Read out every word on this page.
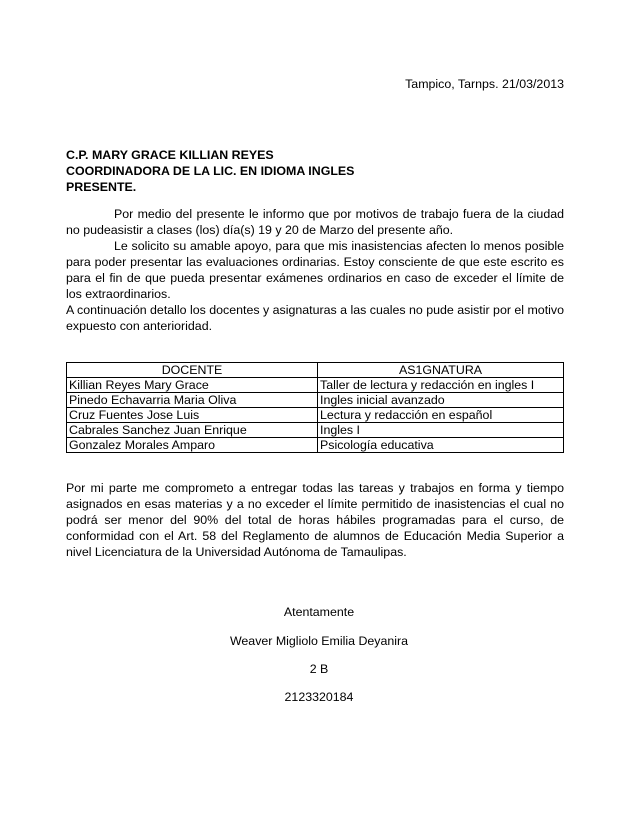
Tampico, Tarnps. 21/03/2013
C.P. MARY GRACE KILLIAN REYES
COORDINADORA DE LA LIC. EN IDIOMA INGLES
PRESENTE.

Por medio del presente le informo que por motivos de trabajo fuera de la ciudad no pudeasistir a clases (los) día(s) 19 y 20 de Marzo del presente año.

Le solicito su amable apoyo, para que mis inasistencias afecten lo menos posible para poder presentar las evaluaciones ordinarias. Estoy consciente de que este escrito es para el fin de que pueda presentar exámenes ordinarios en caso de exceder el límite de los extraordinarios.

A continuación detallo los docentes y asignaturas a las cuales no pude asistir por el motivo expuesto con anterioridad.

DOCENTE	AS1GNATURA
Killian Reyes Mary Grace	Taller de lectura y redacción en ingles I
Pinedo Echavarria Maria Oliva	Ingles inicial avanzado
Cruz Fuentes Jose Luis	Lectura y redacción en español
Cabrales Sanchez Juan Enrique	Ingles I
Gonzalez Morales Amparo	Psicología educativa
Por mi parte me comprometo a entregar todas las tareas y trabajos en forma y tiempo asignados en esas materias y a no exceder el límite permitido de inasistencias el cual no podrá ser menor del 90% del total de horas hábiles programadas para el curso, de conformidad con el Art. 58 del Reglamento de alumnos de Educación Media Superior a nivel Licenciatura de la Universidad Autónoma de Tamaulipas.
Atentamente
Weaver Migliolo Emilia Deyanira
2 B
2123320184
